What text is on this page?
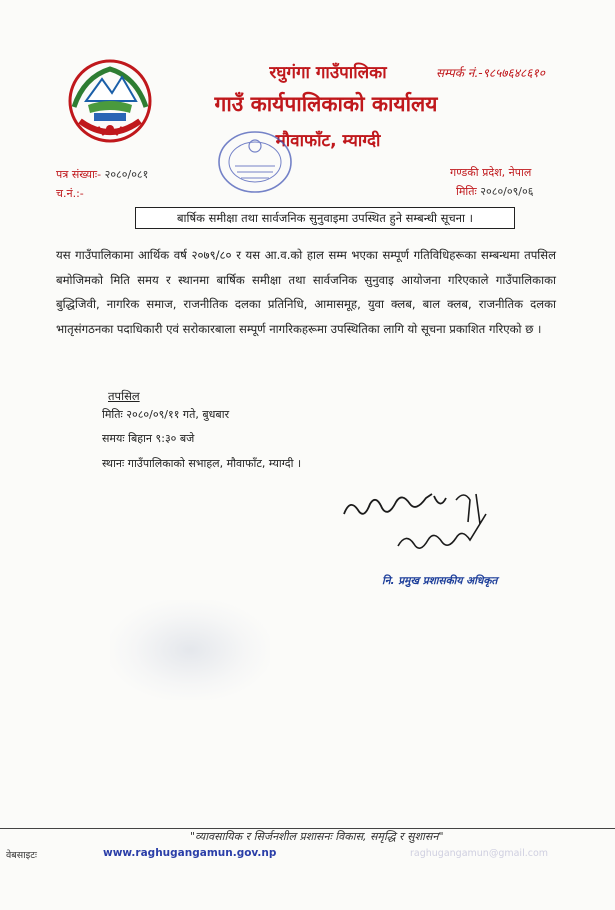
रघुगंगा गाउँपालिका
गाउँ कार्यपालिकाको कार्यालय
मौवाफाँट, म्याग्दी
सम्पर्क नं.-९८५७६४८६१०
पत्र संख्याः- २०८०/०८१
च.नं.:-
गण्डकी प्रदेश, नेपाल
मितिः २०८०/०९/०६
बार्षिक समीक्षा तथा सार्वजनिक सुनुवाइमा उपस्थित हुने सम्बन्धी सूचना ।
यस गाउँपालिकामा आर्थिक वर्ष २०७९/८० र यस आ.व.को हाल सम्म भएका सम्पूर्ण गतिविधिहरूका सम्बन्धमा तपसिल बमोजिमको मिति समय र स्थानमा बार्षिक समीक्षा तथा सार्वजनिक सुनुवाइ आयोजना गरिएकाले गाउँपालिकाका बुद्धिजिवी, नागरिक समाज, राजनीतिक दलका प्रतिनिधि, आमासमूह, युवा क्लब, बाल क्लब, राजनीतिक दलका भातृसंगठनका पदाधिकारी एवं सरोकारबाला सम्पूर्ण नागरिकहरूमा उपस्थितिका लागि यो सूचना प्रकाशित गरिएको छ ।
तपसिल
मितिः २०८०/०९/११ गते, बुधबार
समयः बिहान ९:३० बजे
स्थानः गाउँपालिकाको सभाहल, मौवाफाँट, म्याग्दी ।
नि. प्रमुख प्रशासकीय अधिकृत
"व्यावसायिक र सिर्जनशील प्रशासनः विकास, समृद्धि र सुशासन"
वेबसाइटः	www.raghugangamun.gov.np	raghugangamun@gmail.com
